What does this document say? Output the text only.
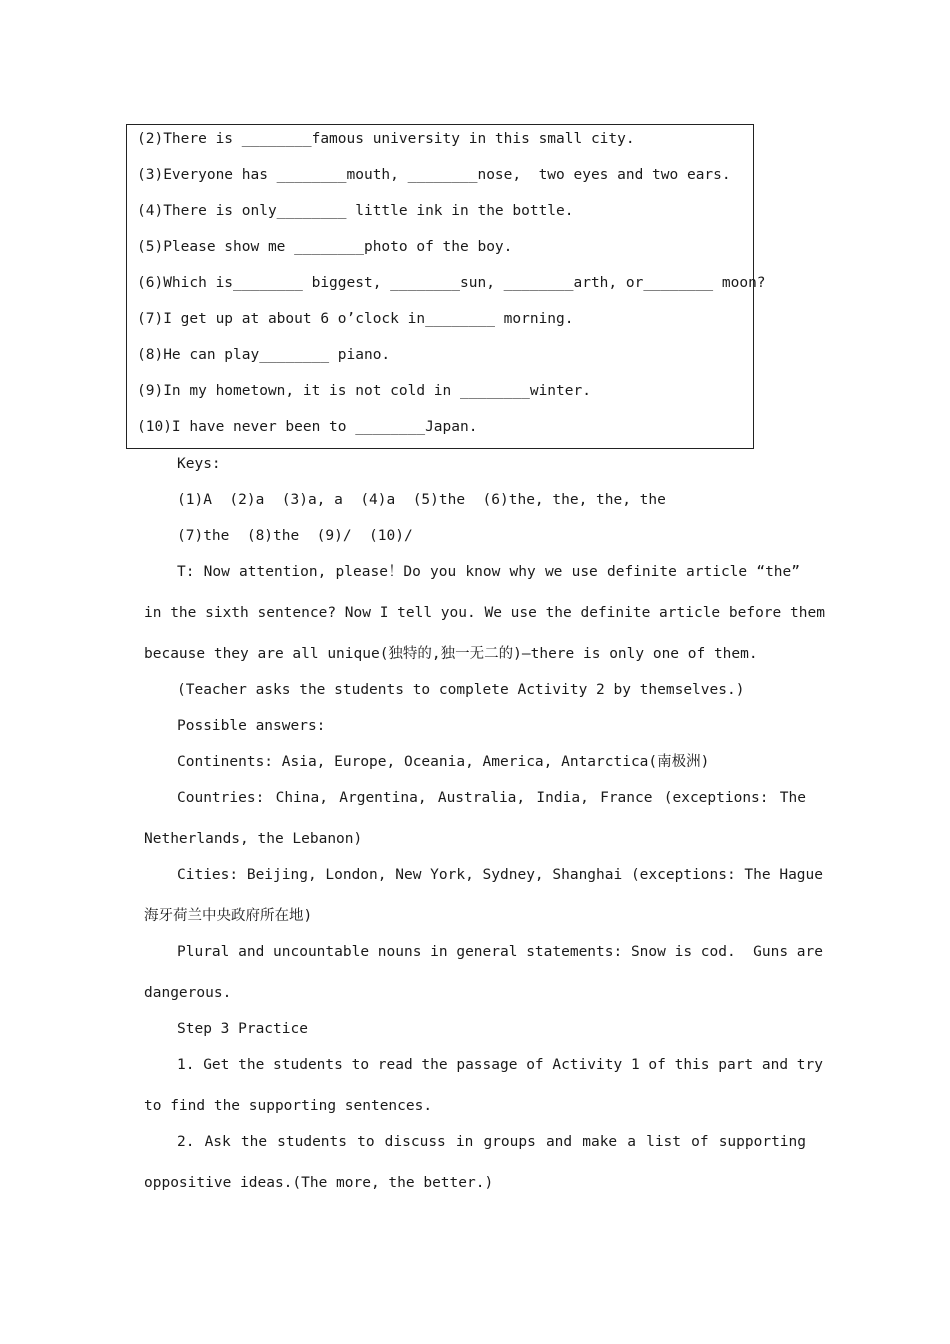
(2)There is ________famous university in this small city.
(3)Everyone has ________mouth, ________nose,  two eyes and two ears.
(4)There is only________ little ink in the bottle.
(5)Please show me ________photo of the boy.
(6)Which is________ biggest, ________sun, ________arth, or________ moon?
(7)I get up at about 6 o’clock in________ morning.
(8)He can play________ piano.
(9)In my hometown, it is not cold in ________winter.
(10)I have never been to ________Japan.
Keys:
(1)A  (2)a  (3)a, a  (4)a  (5)the  (6)the, the, the, the
(7)the  (8)the  (9)/  (10)/
T: Now attention, please！Do you know why we use definite article “the”
in the sixth sentence? Now I tell you. We use the definite article before them
because they are all unique(独特的,独一无二的)—there is only one of them.
(Teacher asks the students to complete Activity 2 by themselves.)
Possible answers:
Continents: Asia, Europe, Oceania, America, Antarctica(南极洲)
Countries: China, Argentina, Australia, India, France (exceptions: The
Netherlands, the Lebanon)
Cities: Beijing, London, New York, Sydney, Shanghai (exceptions: The Hague
海牙荷兰中央政府所在地)
Plural and uncountable nouns in general statements: Snow is cod.  Guns are
dangerous.
Step 3 Practice
1. Get the students to read the passage of Activity 1 of this part and try
to find the supporting sentences.
2. Ask the students to discuss in groups and make a list of supporting
oppositive ideas.(The more, the better.)
